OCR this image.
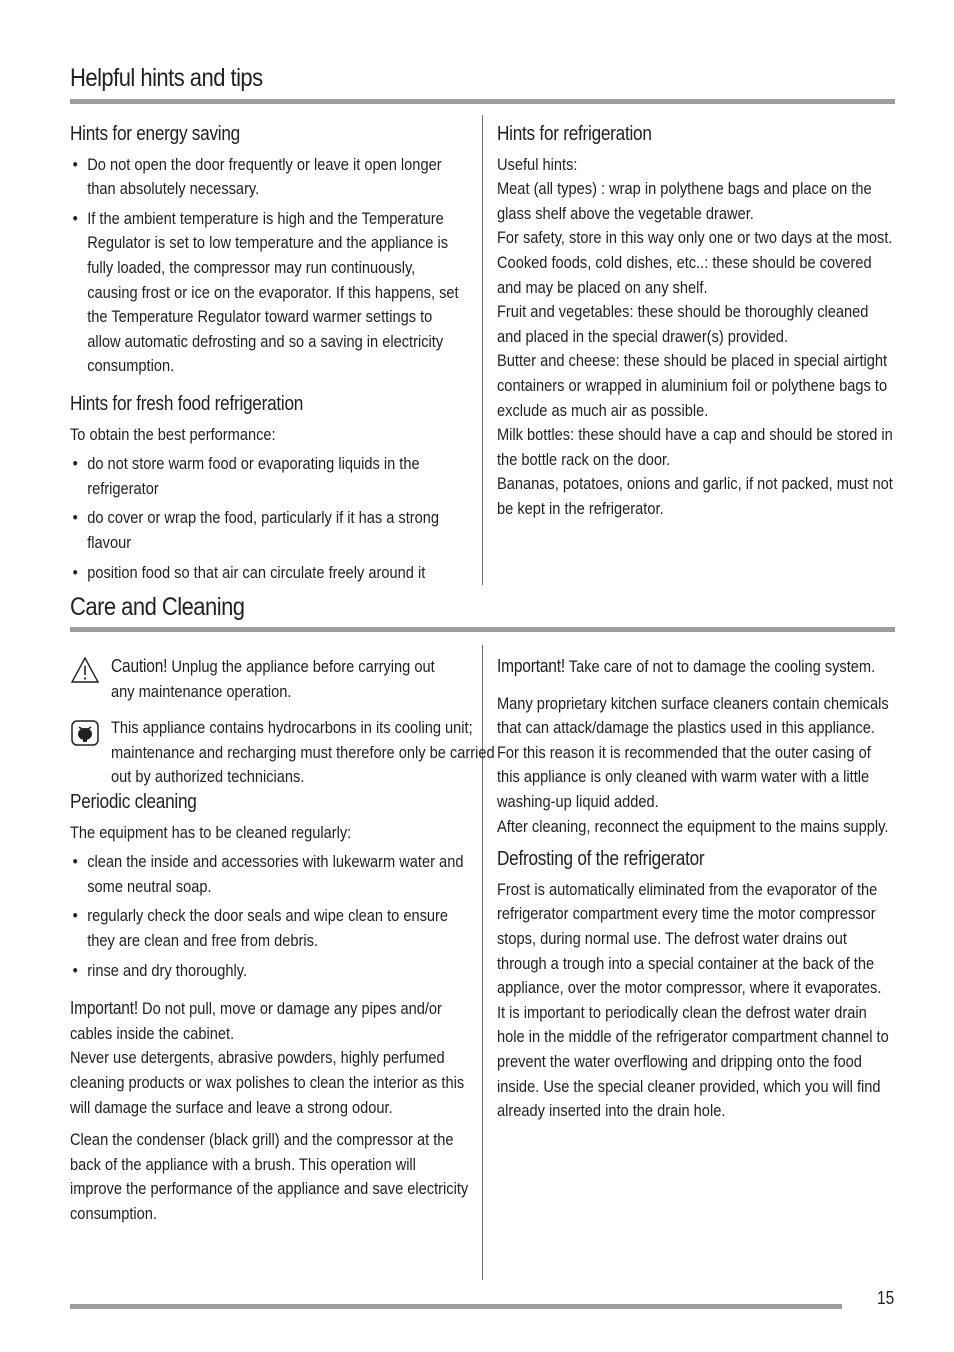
Helpful hints and tips
Hints for energy saving
• Do not open the door frequently or leave it open longer than absolutely necessary.
• If the ambient temperature is high and the Temperature Regulator is set to low temperature and the appliance is fully loaded, the compressor may run continuously, causing frost or ice on the evaporator. If this happens, set the Temperature Regulator toward warmer settings to allow automatic defrosting and so a saving in electricity consumption.
Hints for fresh food refrigeration

To obtain the best performance:

• do not store warm food or evaporating liquids in the refrigerator
• do cover or wrap the food, particularly if it has a strong flavour
• position food so that air can circulate freely around it
Hints for refrigeration

Useful hints:

Meat (all types) : wrap in polythene bags and place on the glass shelf above the vegetable drawer.

For safety, store in this way only one or two days at the most.

Cooked foods, cold dishes, etc..: these should be covered and may be placed on any shelf.

Fruit and vegetables: these should be thoroughly cleaned and placed in the special drawer(s) provided.

Butter and cheese: these should be placed in special airtight containers or wrapped in aluminium foil or polythene bags to exclude as much air as possible.

Milk bottles: these should have a cap and should be stored in the bottle rack on the door.

Bananas, potatoes, onions and garlic, if not packed, must not be kept in the refrigerator.

Care and Cleaning
Caution! Unplug the appliance before carrying out any maintenance operation.
This appliance contains hydrocarbons in its cooling unit; maintenance and recharging must therefore only be carried out by authorized technicians.
Periodic cleaning

The equipment has to be cleaned regularly:

• clean the inside and accessories with lukewarm water and some neutral soap.
• regularly check the door seals and wipe clean to ensure they are clean and free from debris.
• rinse and dry thoroughly.

Important! Do not pull, move or damage any pipes and/or cables inside the cabinet.

Never use detergents, abrasive powders, highly perfumed cleaning products or wax polishes to clean the interior as this will damage the surface and leave a strong odour.

Clean the condenser (black grill) and the compressor at the back of the appliance with a brush. This operation will improve the performance of the appliance and save electricity consumption.

Important! Take care of not to damage the cooling system.

Many proprietary kitchen surface cleaners contain chemicals that can attack/damage the plastics used in this appliance. For this reason it is recommended that the outer casing of this appliance is only cleaned with warm water with a little washing-up liquid added.

After cleaning, reconnect the equipment to the mains supply.

Defrosting of the refrigerator

Frost is automatically eliminated from the evaporator of the refrigerator compartment every time the motor compressor stops, during normal use. The defrost water drains out through a trough into a special container at the back of the appliance, over the motor compressor, where it evaporates.

It is important to periodically clean the defrost water drain hole in the middle of the refrigerator compartment channel to prevent the water overflowing and dripping onto the food inside. Use the special cleaner provided, which you will find already inserted into the drain hole.

15
